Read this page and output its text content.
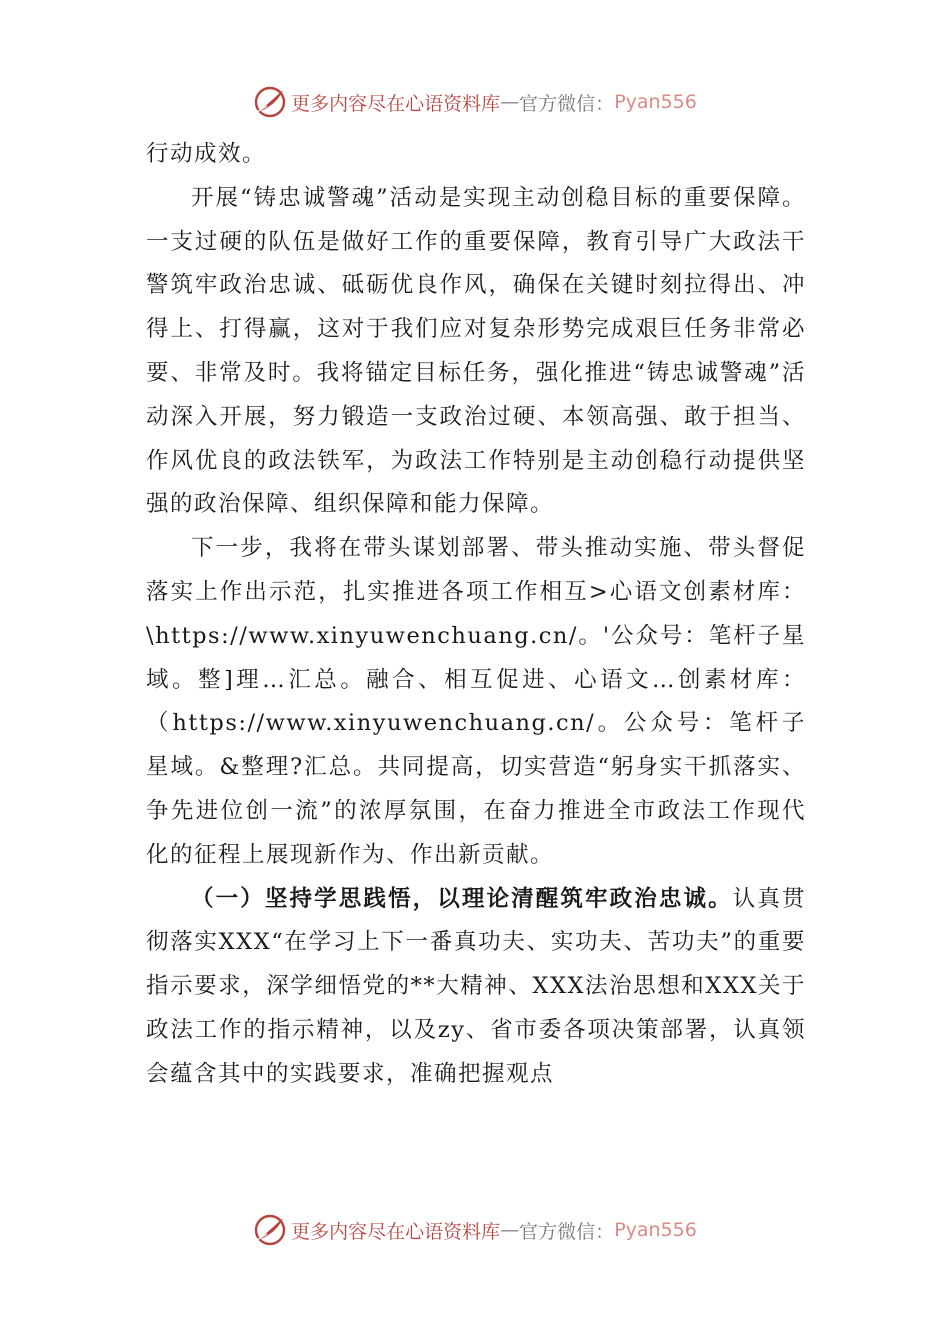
更多内容尽在心语资料库 — 官方微信： Pyan556

行动成效。

开展“铸忠诚警魂”活动是实现主动创稳目标的重要保障。一支过硬的队伍是做好工作的重要保障，教育引导广大政法干警筑牢政治忠诚、砥砺优良作风，确保在关键时刻拉得出、冲得上、打得赢，这对于我们应对复杂形势完成艰巨任务非常必要、非常及时。我将锚定目标任务，强化推进“铸忠诚警魂”活动深入开展，努力锻造一支政治过硬、本领高强、敢于担当、作风优良的政法铁军，为政法工作特别是主动创稳行动提供坚强的政治保障、组织保障和能力保障。

下一步，我将在带头谋划部署、带头推动实施、带头督促落实上作出示范，扎实推进各项工作相互>心语文创素材库：\https://www.xinyuwenchuang.cn/。'公众号：笔杆子星域。整]理…汇总。融合、相互促进、心语文…创素材库：（https://www.xinyuwenchuang.cn/。公众号：笔杆子星域。&整理?汇总。共同提高，切实营造“躬身实干抓落实、争先进位创一流”的浓厚氛围，在奋力推进全市政法工作现代化的征程上展现新作为、作出新贡献。

（一）坚持学思践悟，以理论清醒筑牢政治忠诚。认真贯彻落实XXX“在学习上下一番真功夫、实功夫、苦功夫”的重要指示要求，深学细悟党的**大精神、XXX法治思想和XXX关于政法工作的指示精神，以及zy、省市委各项决策部署，认真领会蕴含其中的实践要求，准确把握观点

更多内容尽在心语资料库 — 官方微信： Pyan556
